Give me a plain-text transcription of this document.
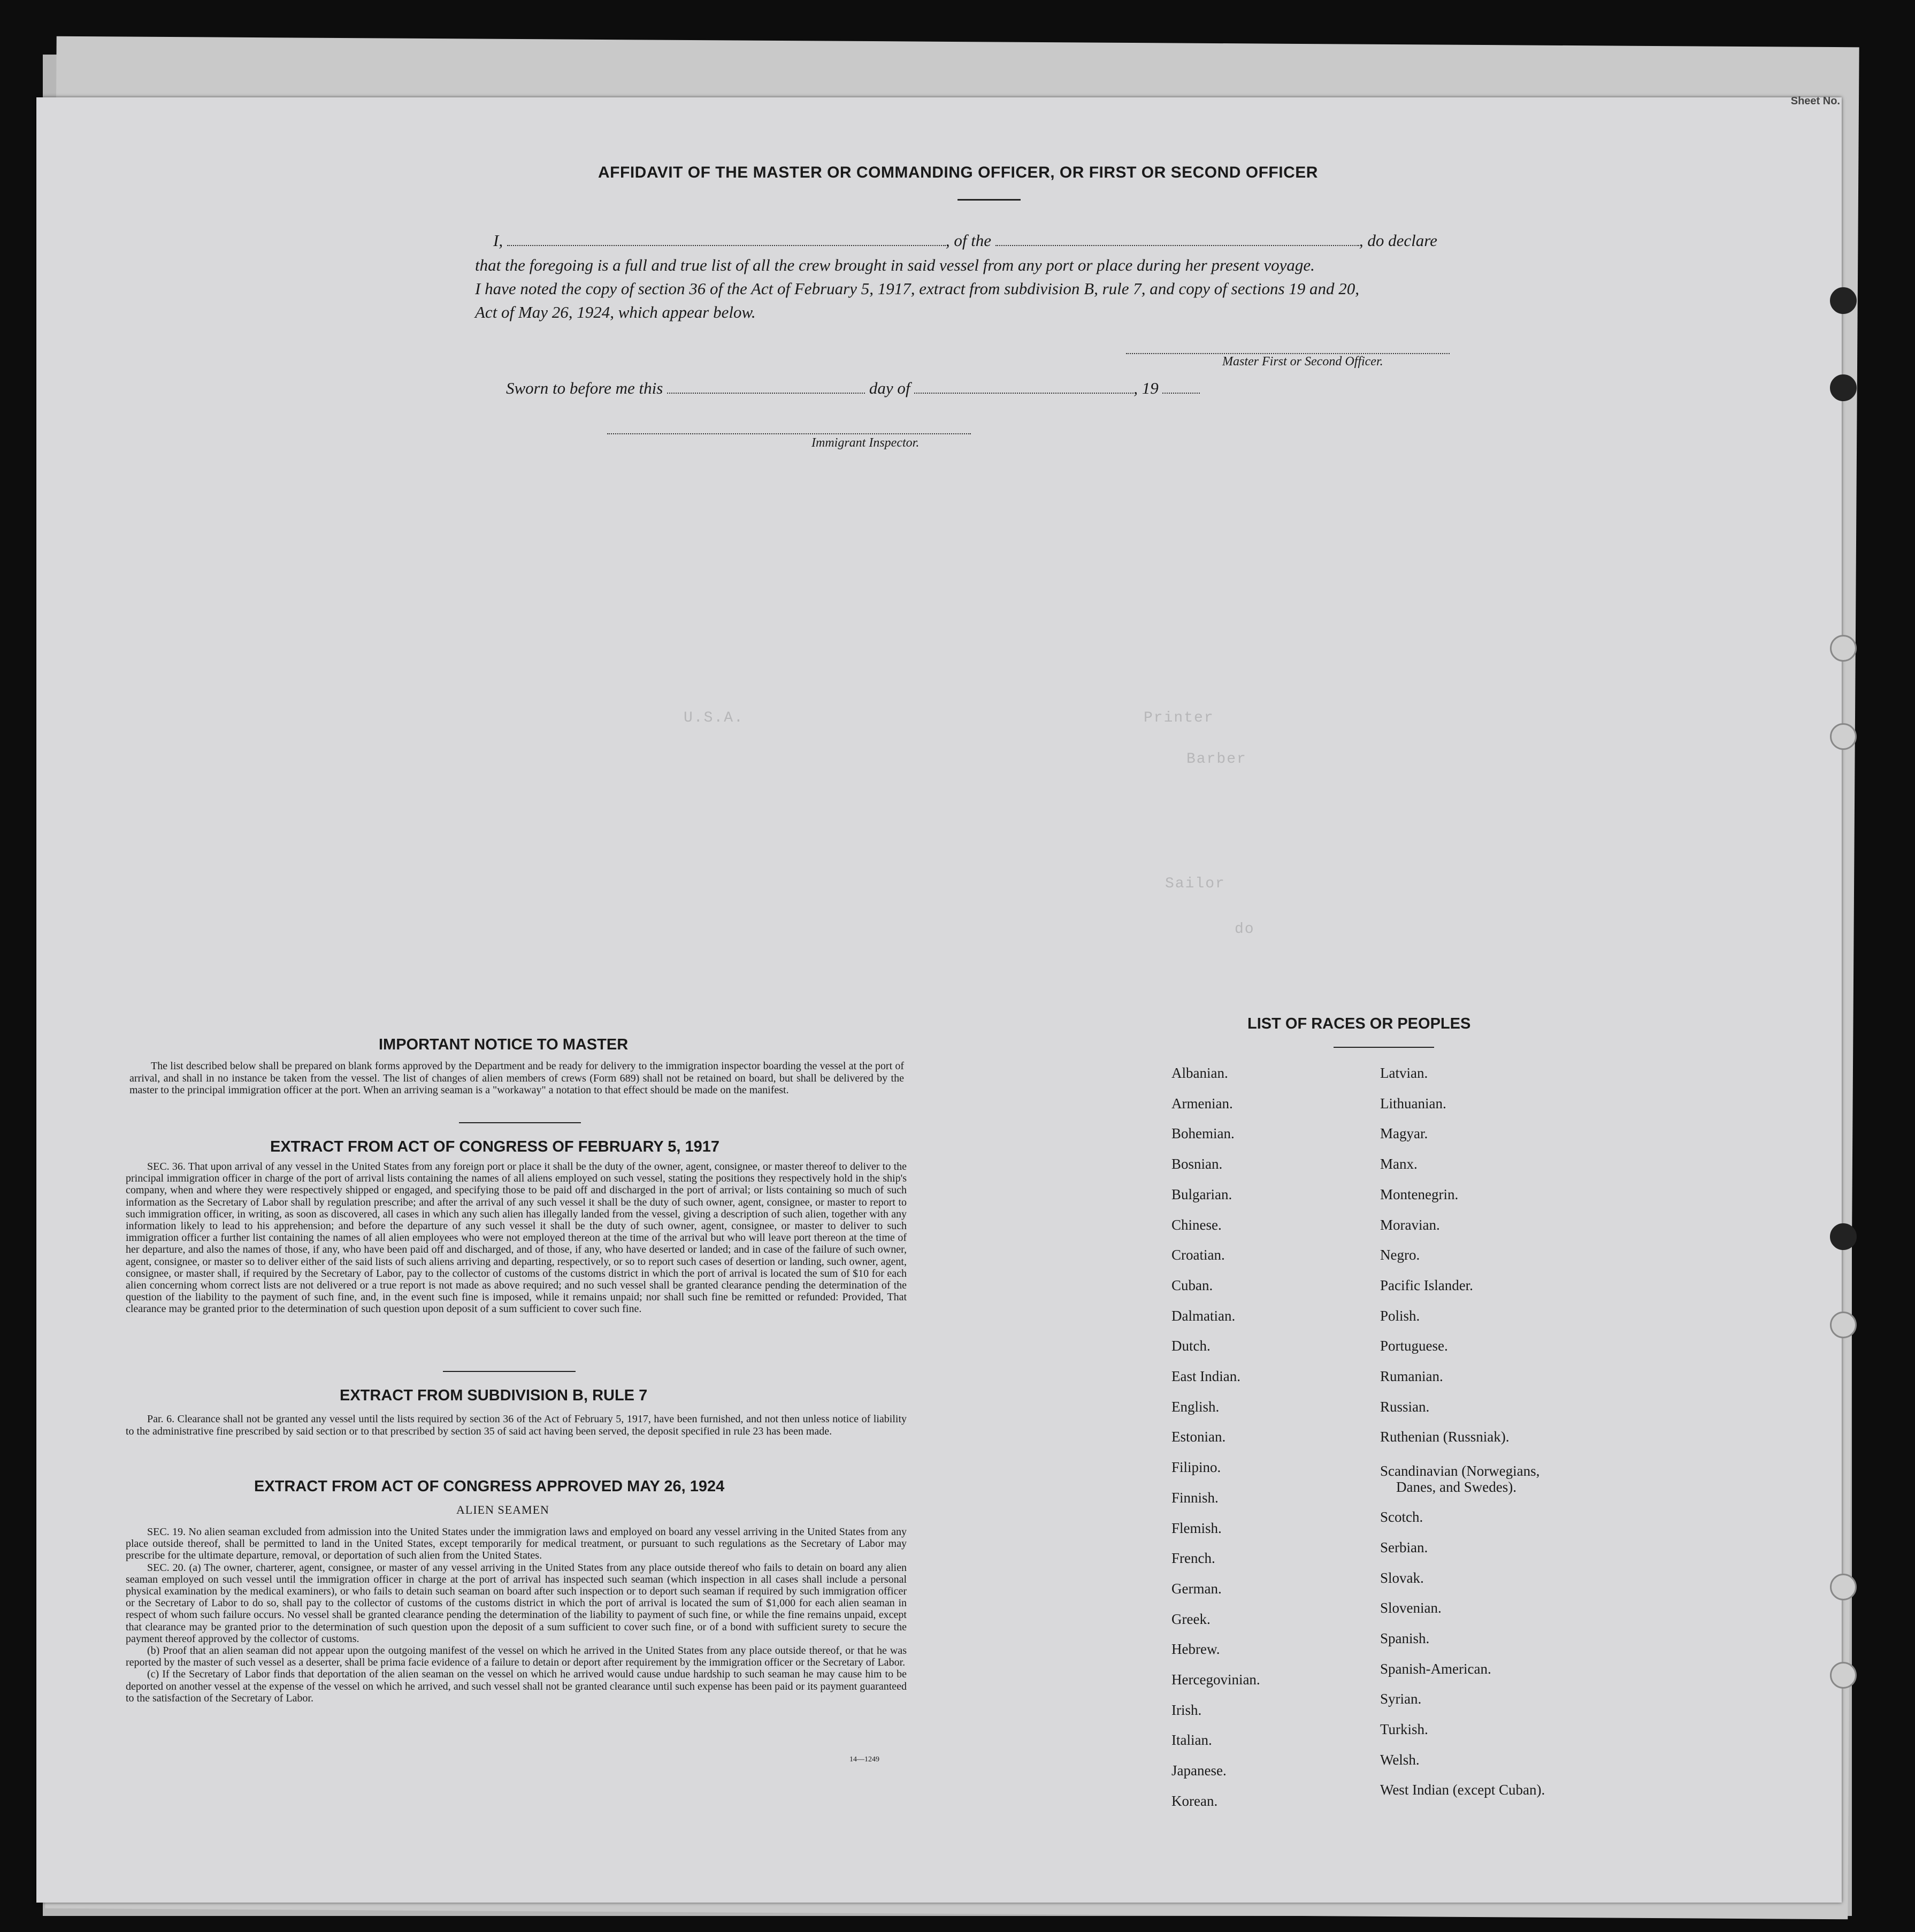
Printer
U.S.A.
Barber
Sailor
do
Sheet No.
AFFIDAVIT OF THE MASTER OR COMMANDING OFFICER, OR FIRST OR SECOND OFFICER
I,	, of the	, do declare
that the foregoing is a full and true list of all the crew brought in said vessel from any port or place during her present voyage.
I have noted the copy of section 36 of the Act of February 5, 1917, extract from subdivision B, rule 7, and copy of sections 19 and 20,
Act of May 26, 1924, which appear below.
Master First or Second Officer.
Sworn to before me this	day of	, 19
Immigrant Inspector.
IMPORTANT NOTICE TO MASTER

The list described below shall be prepared on blank forms approved by the Department and be ready for delivery to the immigration inspector boarding the vessel at the port of arrival, and shall in no instance be taken from the vessel. The list of changes of alien members of crews (Form 689) shall not be retained on board, but shall be delivered by the master to the principal immigration officer at the port. When an arriving seaman is a "workaway" a notation to that effect should be made on the manifest.

EXTRACT FROM ACT OF CONGRESS OF FEBRUARY 5, 1917

SEC. 36. That upon arrival of any vessel in the United States from any foreign port or place it shall be the duty of the owner, agent, consignee, or master thereof to deliver to the principal immigration officer in charge of the port of arrival lists containing the names of all aliens employed on such vessel, stating the positions they respectively hold in the ship's company, when and where they were respectively shipped or engaged, and specifying those to be paid off and discharged in the port of arrival; or lists containing so much of such information as the Secretary of Labor shall by regulation prescribe; and after the arrival of any such vessel it shall be the duty of such owner, agent, consignee, or master to report to such immigration officer, in writing, as soon as discovered, all cases in which any such alien has illegally landed from the vessel, giving a description of such alien, together with any information likely to lead to his apprehension; and before the departure of any such vessel it shall be the duty of such owner, agent, consignee, or master to deliver to such immigration officer a further list containing the names of all alien employees who were not employed thereon at the time of the arrival but who will leave port thereon at the time of her departure, and also the names of those, if any, who have been paid off and discharged, and of those, if any, who have deserted or landed; and in case of the failure of such owner, agent, consignee, or master so to deliver either of the said lists of such aliens arriving and departing, respectively, or so to report such cases of desertion or landing, such owner, agent, consignee, or master shall, if required by the Secretary of Labor, pay to the collector of customs of the customs district in which the port of arrival is located the sum of $10 for each alien concerning whom correct lists are not delivered or a true report is not made as above required; and no such vessel shall be granted clearance pending the determination of the question of the liability to the payment of such fine, and, in the event such fine is imposed, while it remains unpaid; nor shall such fine be remitted or refunded: Provided, That clearance may be granted prior to the determination of such question upon deposit of a sum sufficient to cover such fine.

EXTRACT FROM SUBDIVISION B, RULE 7

Par. 6. Clearance shall not be granted any vessel until the lists required by section 36 of the Act of February 5, 1917, have been furnished, and not then unless notice of liability to the administrative fine prescribed by said section or to that prescribed by section 35 of said act having been served, the deposit specified in rule 23 has been made.

EXTRACT FROM ACT OF CONGRESS APPROVED MAY 26, 1924
ALIEN SEAMEN

SEC. 19. No alien seaman excluded from admission into the United States under the immigration laws and employed on board any vessel arriving in the United States from any place outside thereof, shall be permitted to land in the United States, except temporarily for medical treatment, or pursuant to such regulations as the Secretary of Labor may prescribe for the ultimate departure, removal, or deportation of such alien from the United States.

SEC. 20. (a) The owner, charterer, agent, consignee, or master of any vessel arriving in the United States from any place outside thereof who fails to detain on board any alien seaman employed on such vessel until the immigration officer in charge at the port of arrival has inspected such seaman (which inspection in all cases shall include a personal physical examination by the medical examiners), or who fails to detain such seaman on board after such inspection or to deport such seaman if required by such immigration officer or the Secretary of Labor to do so, shall pay to the collector of customs of the customs district in which the port of arrival is located the sum of $1,000 for each alien seaman in respect of whom such failure occurs. No vessel shall be granted clearance pending the determination of the liability to payment of such fine, or while the fine remains unpaid, except that clearance may be granted prior to the determination of such question upon the deposit of a sum sufficient to cover such fine, or of a bond with sufficient surety to secure the payment thereof approved by the collector of customs.

(b) Proof that an alien seaman did not appear upon the outgoing manifest of the vessel on which he arrived in the United States from any place outside thereof, or that he was reported by the master of such vessel as a deserter, shall be prima facie evidence of a failure to detain or deport after requirement by the immigration officer or the Secretary of Labor.

(c) If the Secretary of Labor finds that deportation of the alien seaman on the vessel on which he arrived would cause undue hardship to such seaman he may cause him to be deported on another vessel at the expense of the vessel on which he arrived, and such vessel shall not be granted clearance until such expense has been paid or its payment guaranteed to the satisfaction of the Secretary of Labor.

14—1249
LIST OF RACES OR PEOPLES
Albanian.
Armenian.
Bohemian.
Bosnian.
Bulgarian.
Chinese.
Croatian.
Cuban.
Dalmatian.
Dutch.
East Indian.
English.
Estonian.
Filipino.
Finnish.
Flemish.
French.
German.
Greek.
Hebrew.
Hercegovinian.
Irish.
Italian.
Japanese.
Korean.
Latvian.
Lithuanian.
Magyar.
Manx.
Montenegrin.
Moravian.
Negro.
Pacific Islander.
Polish.
Portuguese.
Rumanian.
Russian.
Ruthenian (Russniak).
Scandinavian (Norwegians,
Danes, and Swedes).
Scotch.
Serbian.
Slovak.
Slovenian.
Spanish.
Spanish-American.
Syrian.
Turkish.
Welsh.
West Indian (except Cuban).
